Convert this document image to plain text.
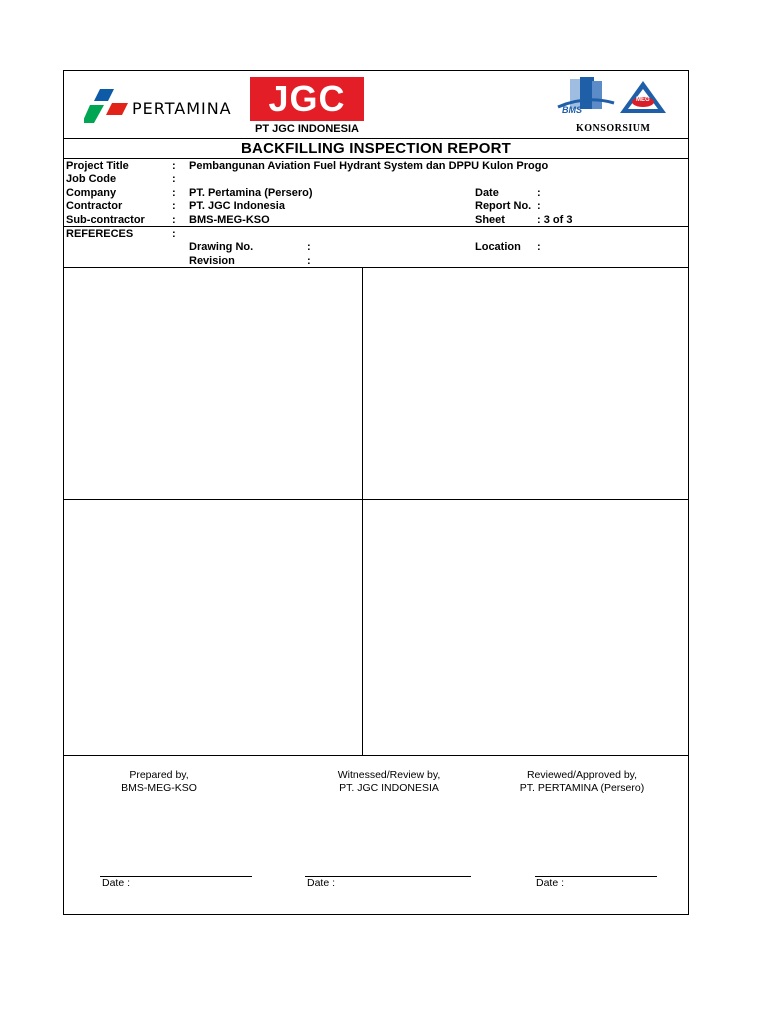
PERTAMINA	JGC
PT JGC INDONESIA
BMS
MEG
KONSORSIUM
BACKFILLING INSPECTION REPORT
Project Title	: Pembangunan Aviation Fuel Hydrant System dan DPPU Kulon Progo
Job Code	:
Company	: PT. Pertamina (Persero)
Contractor	: PT. JGC Indonesia
Sub-contractor : BMS-MEG-KSO
Date	:
Report No. :
Sheet	: 3 of 3
REFERECES	:
Drawing No.	:
Revision	:
Location :
Prepared by,
BMS-MEG-KSO
Witnessed/Review by,
PT. JGC INDONESIA
Reviewed/Approved by,
PT. PERTAMINA (Persero)
Date :	Date :	Date :
